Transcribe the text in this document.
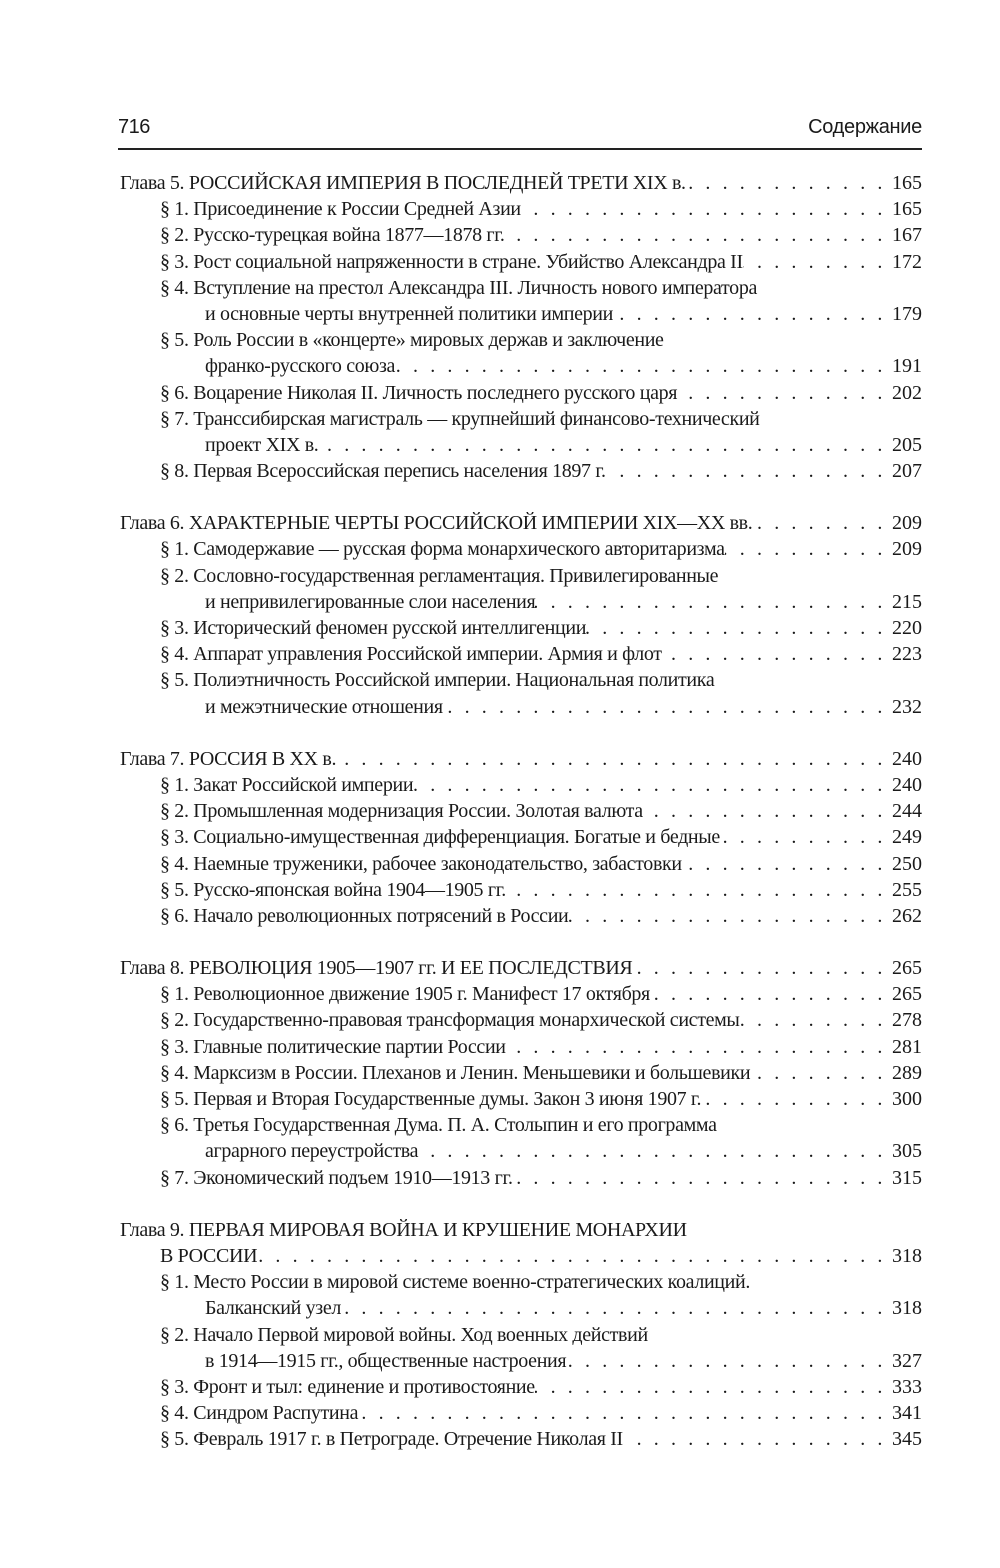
716	Содержание
Глава 5. РОССИЙСКАЯ ИМПЕРИЯ В ПОСЛЕДНЕЙ ТРЕТИ XIX в. . . .	165
§ 1. Присоединение к России Средней Азии . . .	165
§ 2. Русско-турецкая война 1877—1878 гг. . . .	167
§ 3. Рост социальной напряженности в стране. Убийство Александра II . . .	172
§ 4. Вступление на престол Александра III. Личность нового императора
и основные черты внутренней политики империи . . .	179
§ 5. Роль России в «концерте» мировых держав и заключение
франко-русского союза . . .	191
§ 6. Воцарение Николая II. Личность последнего русского царя . . .	202
§ 7. Транссибирская магистраль — крупнейший финансово-технический
проект XIX в. . . .	205
§ 8. Первая Всероссийская перепись населения 1897 г. . . .	207
Глава 6. ХАРАКТЕРНЫЕ ЧЕРТЫ РОССИЙСКОЙ ИМПЕРИИ XIX—XX вв. . . .	209
§ 1. Самодержавие — русская форма монархического авторитаризма . . .	209
§ 2. Сословно-государственная регламентация. Привилегированные
и непривилегированные слои населения . . .	215
§ 3. Исторический феномен русской интеллигенции . . .	220
§ 4. Аппарат управления Российской империи. Армия и флот . . .	223
§ 5. Полиэтничность Российской империи. Национальная политика
и межэтнические отношения . . .	232
Глава 7. РОССИЯ В XX в. . . .	240
§ 1. Закат Российской империи . . .	240
§ 2. Промышленная модернизация России. Золотая валюта . . .	244
§ 3. Социально-имущественная дифференциация. Богатые и бедные . . .	249
§ 4. Наемные труженики, рабочее законодательство, забастовки . . .	250
§ 5. Русско-японская война 1904—1905 гг. . . .	255
§ 6. Начало революционных потрясений в России . . .	262
Глава 8. РЕВОЛЮЦИЯ 1905—1907 гг. И ЕЕ ПОСЛЕДСТВИЯ . . .	265
§ 1. Революционное движение 1905 г. Манифест 17 октября . . .	265
§ 2. Государственно-правовая трансформация монархической системы . . .	278
§ 3. Главные политические партии России . . .	281
§ 4. Марксизм в России. Плеханов и Ленин. Меньшевики и большевики . . .	289
§ 5. Первая и Вторая Государственные думы. Закон 3 июня 1907 г. . . .	300
§ 6. Третья Государственная Дума. П. А. Столыпин и его программа
аграрного переустройства . . .	305
§ 7. Экономический подъем 1910—1913 гг. . . .	315
Глава 9. ПЕРВАЯ МИРОВАЯ ВОЙНА И КРУШЕНИЕ МОНАРХИИ
В РОССИИ . . .	318
§ 1. Место России в мировой системе военно-стратегических коалиций.
Балканский узел . . .	318
§ 2. Начало Первой мировой войны. Ход военных действий
в 1914—1915 гг., общественные настроения . . .	327
§ 3. Фронт и тыл: единение и противостояние . . .	333
§ 4. Синдром Распутина . . .	341
§ 5. Февраль 1917 г. в Петрограде. Отречение Николая II . . .	345
